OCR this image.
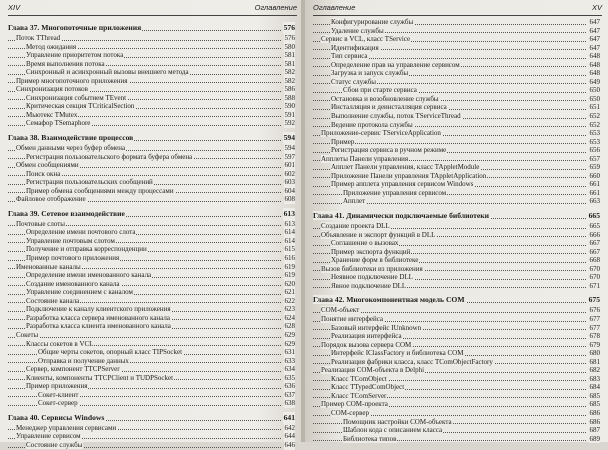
XIV	Оглавление
Глава 37. Многопоточные приложения	576
Поток TThread	576
Метод ожидания	580
Управление приоритетом потока	581
Время выполнения потока	581
Синхронный и асинхронный вызовы внешнего метода	582
Пример многопоточного приложения	582
Синхронизация потоков	586
Синхронизация событием TEvent	588
Критическая секция TCriticalSection	590
Мьютекс TMutex	591
Семафор TSemaphore	592
Глава 38. Взаимодействие процессов	594
Обмен данными через буфер обмена	594
Регистрация пользовательского формата буфера обмена	597
Обмен сообщениями	601
Поиск окна	602
Регистрация пользовательских сообщений	603
Пример обмена сообщениями между процессами	604
Файловое отображение	608
Глава 39. Сетевое взаимодействие	613
Почтовые слоты	613
Определение имени почтового слота	614
Управление почтовым слотом	614
Получение и отправка корреспонденции	615
Пример почтового приложения	616
Именованные каналы	619
Определение имени именованного канала	619
Создание именованного канала	620
Управление соединением с каналом	621
Состояние канала	622
Подключение к каналу клиентского приложения	623
Разработка класса сервера именованного канала	624
Разработка класса клиента именованного канала	628
Сокеты	629
Классы сокетов в VCL	629
Общие черты сокетов, опорный класс TIPSocket	631
Отправка и получение данных	633
Сервер, компонент TTCPServer	634
Клиенты, компоненты TTCPClient и TUDPSocket	635
Пример приложения	636
Сокет-клиент	637
Сокет-сервер	638
Глава 40. Сервисы Windows	641
Менеджер управления сервисами	642
Управление сервисом	644
Состояние службы	646
Оглавление	XV
Конфигурирование службы	647
Удаление службы	647
Сервис в VCL, класс TService	647
Идентификация	647
Тип сервиса	648
Определение прав на управление сервисом	648
Загрузка и запуск службы	648
Статус службы	649
Сбои при старте сервиса	650
Остановка и возобновление службы	650
Инсталляция и деинсталляция сервиса	651
Выполнение службы, поток TServiceThread	652
Ведение протокола службы	652
Приложение-сервис TServiceApplication	653
Пример	653
Регистрация сервиса в ручном режиме	656
Апплеты Панели управления	657
Апплет Панели управления, класс TAppletModule	659
Приложение Панели управления TAppletApplication	660
Пример апплета управления сервисом Windows	661
Приложение управления сервисом	661
Апплет	663
Глава 41. Динамически подключаемые библиотеки	665
Создание проекта DLL	665
Объявление и экспорт функций в DLL	666
Соглашение о вызовах	667
Пример экспорта функций	667
Хранение форм в библиотеке	668
Вызов библиотеки из приложения	670
Неявное подключение DLL	670
Явное подключение DLL	671
Глава 42. Многокомпонентная модель COM	675
COM-объект	676
Понятие интерфейса	677
Базовый интерфейс IUnknown	677
Реализация интерфейса	678
Порядок вызова сервера COM	679
Интерфейс IClassFactory и библиотека COM	680
Реализация фабрики класса, класс TComObjectFactory	681
Реализация COM-объекта в Delphi	682
Класс TComObject	683
Класс TTypedComObject	684
Класс TComServer	685
Пример COM-проекта	685
COM-сервер	686
Помощник настройки COM-объекта	686
Шаблон кода с описанием класса	687
Библиотека типов	689
